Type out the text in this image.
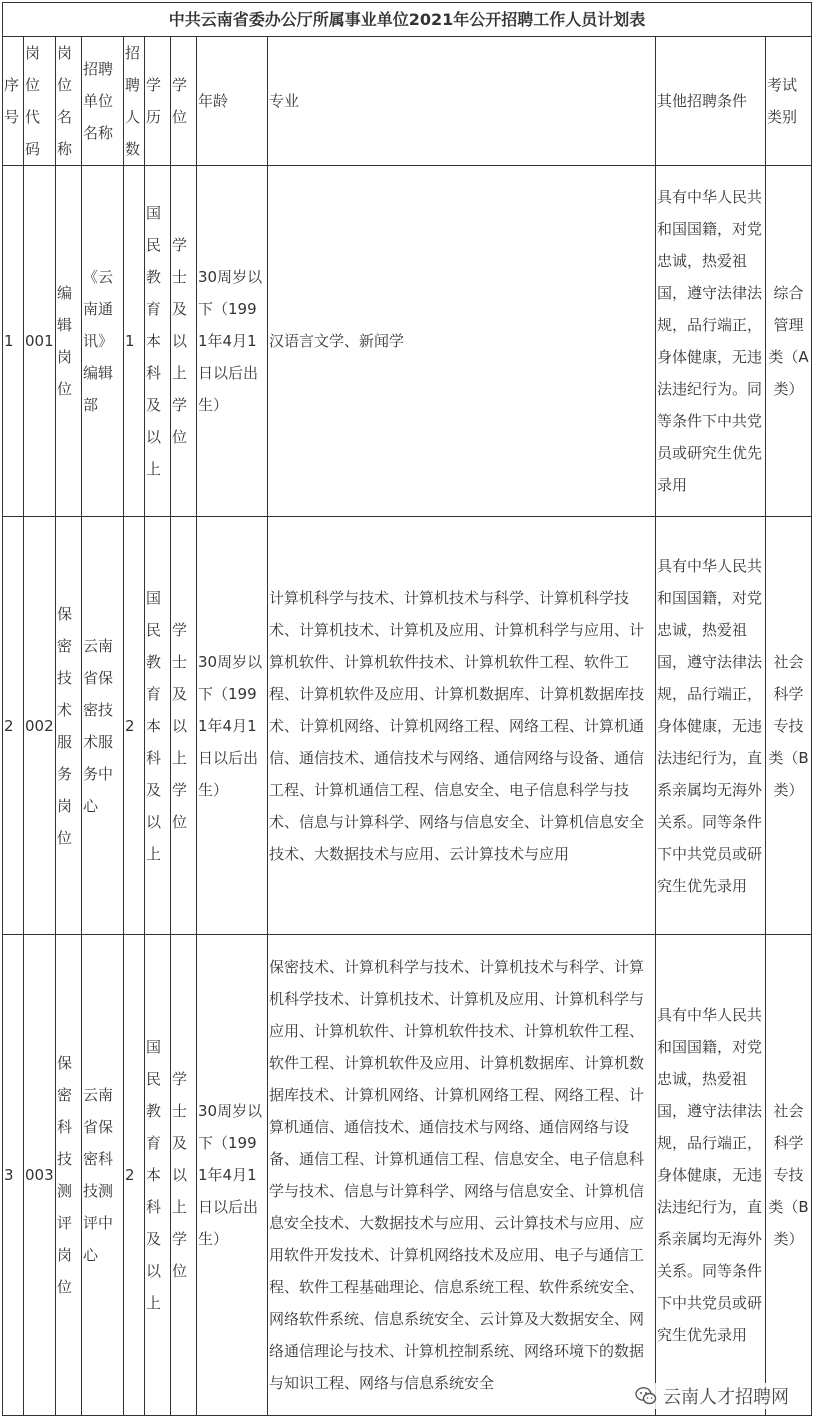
中共云南省委办公厅所属事业单位2021年公开招聘工作人员计划表										
序号	岗位代码	岗位名称	招聘单位名称	招聘人数	学历	学位	年龄	专业	其他招聘条件	考试类别
1	001	编辑岗位	《云南通讯》编辑部	1	国民教育本科及以上	学士及以上学位	30周岁以下（1991年4月1日以后出生）	汉语言文学、新闻学	具有中华人民共和国国籍，对党忠诚，热爱祖国，遵守法律法规，品行端正，身体健康，无违法违纪行为。同等条件下中共党员或研究生优先录用	综合管理类（A类）
2	002	保密技术服务岗位	云南省保密技术服务中心	2	国民教育本科及以上	学士及以上学位	30周岁以下（1991年4月1日以后出生）	计算机科学与技术、计算机技术与科学、计算机科学技术、计算机技术、计算机及应用、计算机科学与应用、计算机软件、计算机软件技术、计算机软件工程、软件工程、计算机软件及应用、计算机数据库、计算机数据库技术、计算机网络、计算机网络工程、网络工程、计算机通信、通信技术、通信技术与网络、通信网络与设备、通信工程、计算机通信工程、信息安全、电子信息科学与技术、信息与计算科学、网络与信息安全、计算机信息安全技术、大数据技术与应用、云计算技术与应用	具有中华人民共和国国籍，对党忠诚，热爱祖国，遵守法律法规，品行端正，身体健康，无违法违纪行为，直系亲属均无海外关系。同等条件下中共党员或研究生优先录用	社会科学专技类（B类）
3	003	保密科技测评岗位	云南省保密科技测评中心	2	国民教育本科及以上	学士及以上学位	30周岁以下（1991年4月1日以后出生）	保密技术、计算机科学与技术、计算机技术与科学、计算机科学技术、计算机技术、计算机及应用、计算机科学与应用、计算机软件、计算机软件技术、计算机软件工程、软件工程、计算机软件及应用、计算机数据库、计算机数据库技术、计算机网络、计算机网络工程、网络工程、计算机通信、通信技术、通信技术与网络、通信网络与设备、通信工程、计算机通信工程、信息安全、电子信息科学与技术、信息与计算科学、网络与信息安全、计算机信息安全技术、大数据技术与应用、云计算技术与应用、应用软件开发技术、计算机网络技术及应用、电子与通信工程、软件工程基础理论、信息系统工程、软件系统安全、网络软件系统、信息系统安全、云计算及大数据安全、网络通信理论与技术、计算机控制系统、网络环境下的数据与知识工程、网络与信息系统安全	具有中华人民共和国国籍，对党忠诚，热爱祖国，遵守法律法规，品行端正，身体健康，无违法违纪行为，直系亲属均无海外关系。同等条件下中共党员或研究生优先录用	社会科学专技类（B类）
云南人才招聘网
